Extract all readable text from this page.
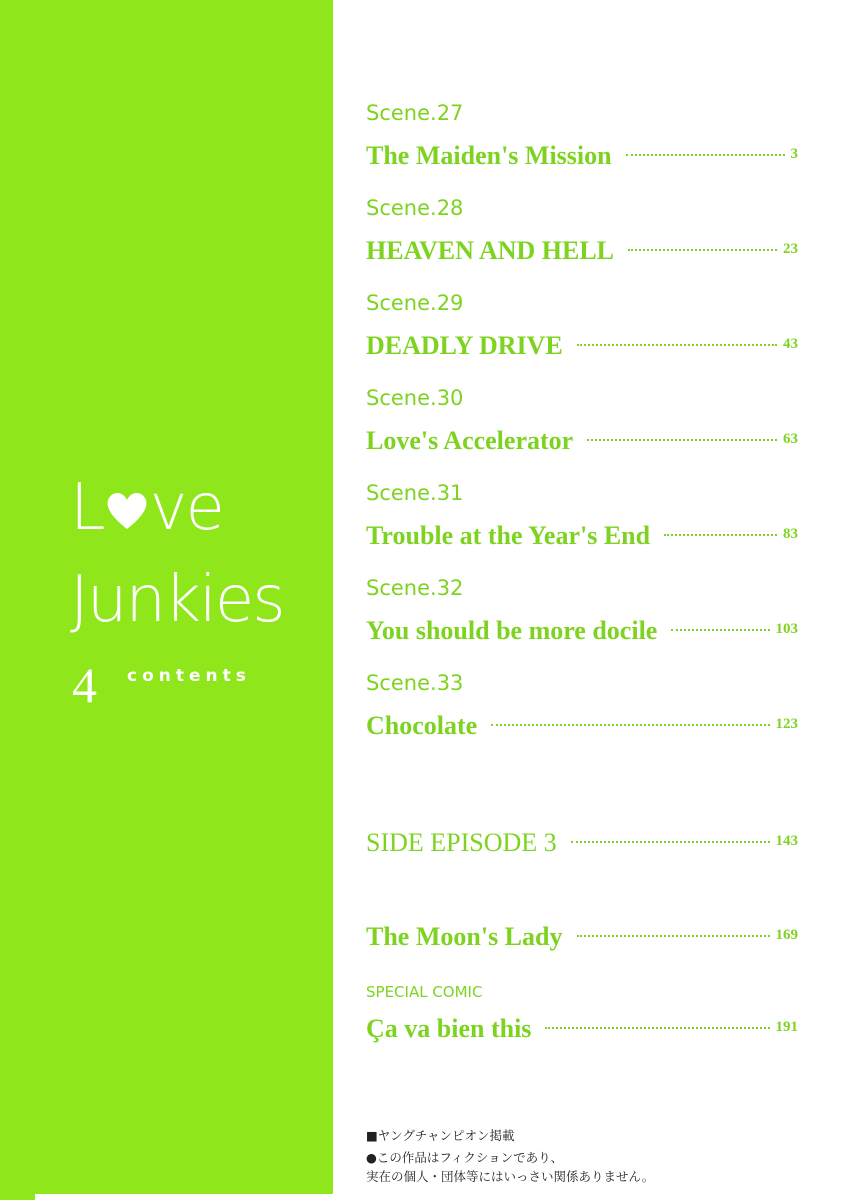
L ve
Junkies
4 contents
Scene.27
The Maiden's Mission	3
Scene.28
HEAVEN AND HELL	23
Scene.29
DEADLY DRIVE	43
Scene.30
Love's Accelerator	63
Scene.31
Trouble at the Year's End	83
Scene.32
You should be more docile	103
Scene.33
Chocolate	123
SIDE EPISODE 3	143
The Moon's Lady	169
SPECIAL COMIC
Ça va bien this	191
■ヤングチャンピオン掲載
●この作品はフィクションであり、
実在の個人・団体等にはいっさい関係ありません。
